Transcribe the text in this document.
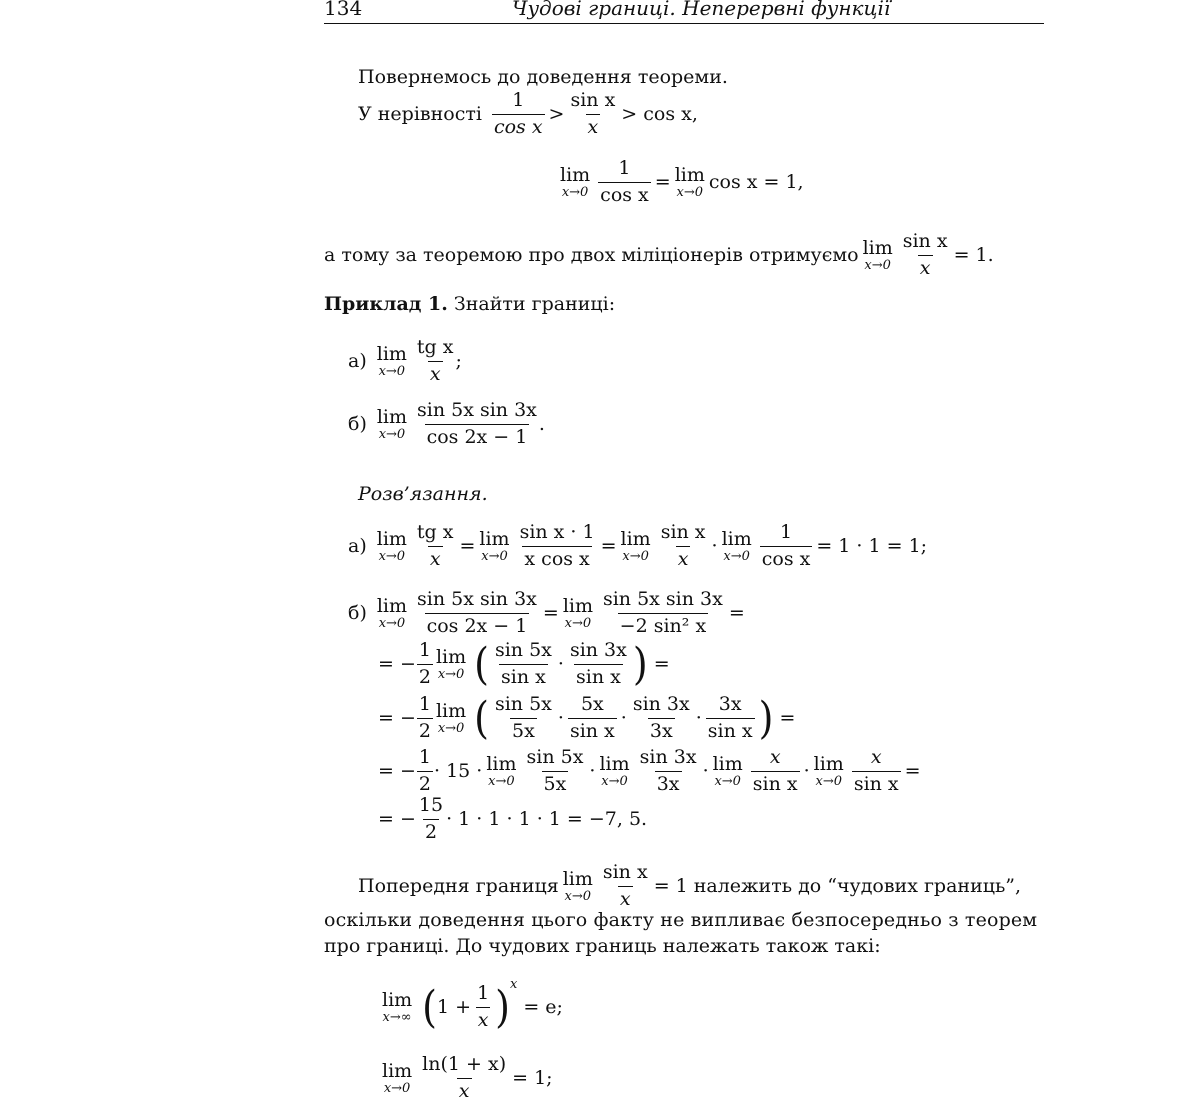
134	Чудові границі. Неперервні функції
Повернемось до доведення теореми.
У нерівності $\frac{1}{\text{cos x}} > \frac{\text{sin x}}{x} > \cos x$,
lim
$x\to 0 \frac{1}{\text{cos x}} = \lim$
x→0 cos x = 1,
а тому за теоремою про двох міліціонерів отримуємо lim
$x\to 0 \frac{\text{sin x}}{x} = 1$.
Приклад 1. Знайти границі:
а) lim
$x\to 0 \frac{\text{tg x}}{x}$ ;
б) lim
$x\to 0 \frac{\text{sin 5x sin 3x}}{\cos 2x - 1}$ .
Розв’язання.
а) lim
$x\to 0 \frac{\text{tg x}}{x} = \lim$
$x\to 0 \frac{\text{sin x · 1}}{\text{x cos x}} = \lim$
$x\to 0 \frac{\text{sin x}}{x} \cdot \lim$
$x\to 0 \frac{1}{\text{cos x}} = 1 \cdot 1 = 1$;
б) lim
$x\to 0 \frac{\text{sin 5x sin 3x}}{\cos 2x - 1} = \lim$
$x\to 0 \frac{\text{sin 5x sin 3x}}{\text{−2 sin² x}}$ =
= − $\frac{1}{2}$ lim
x→0 ( $\frac{\sin 5x}{\text{sin x}} \cdot \frac{\sin 3x}{\text{sin x}}$ ) =
= − $\frac{1}{2}$ lim
x→0 ( $\frac{\sin 5x}{5x} \cdot \frac{5x}{\text{sin x}} \cdot \frac{\sin 3x}{3x} \cdot \frac{3x}{\text{sin x}}$ ) =
= − $\frac{1}{2} \cdot 15 \cdot \lim$
$x\to 0 \frac{\sin 5x}{5x} \cdot \lim$
$x\to 0 \frac{\sin 3x}{3x} \cdot \lim$
$x\to 0 \frac{x}{\text{sin x}} \cdot \lim$
$x\to 0 \frac{x}{\text{sin x}}$ =
= − $\frac{15}{2} \cdot 1 \cdot 1 \cdot 1 \cdot 1 = -7$, 5.
Попередня границя lim
$x\to 0 \frac{\text{sin x}}{x} = 1$ належить до “чудових границь”,
оскільки доведення цього факту не випливає безпосередньо з теорем
про границі. До чудових границь належать також такі:
lim
x→∞ ( $1 + \frac{1}{x}$ ) x
= e;
lim
$x\to 0 \frac{\ln(1 + x)}{x} = 1$;
